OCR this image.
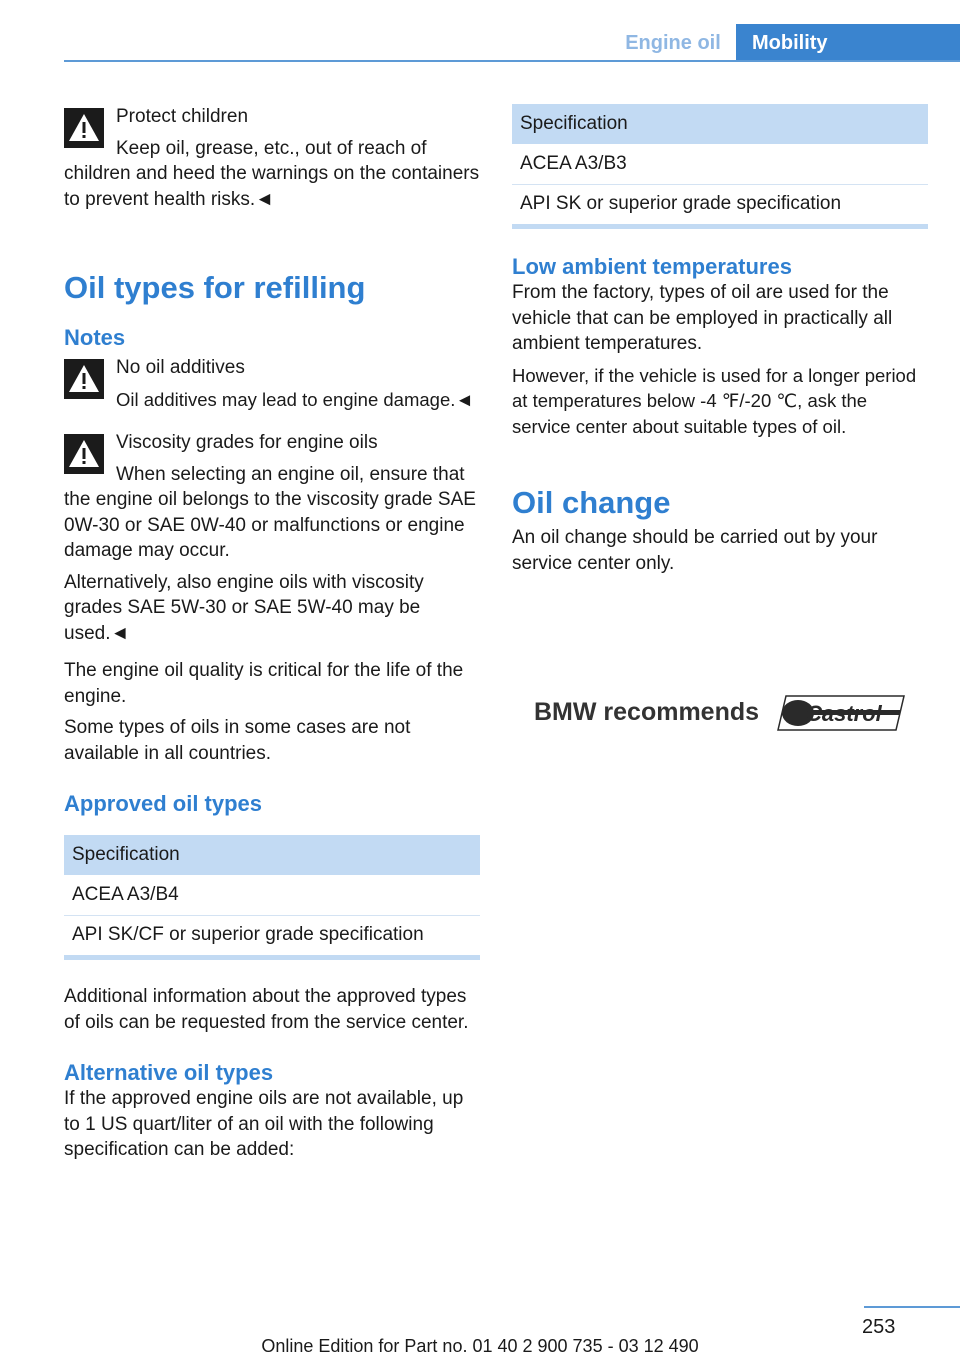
Engine oil	Mobility

Protect children

Keep oil, grease, etc., out of reach of children and heed the warnings on the containers to prevent health risks.◄

Oil types for refilling
Notes

No oil additives

Oil additives may lead to engine damage.◄

Viscosity grades for engine oils

When selecting an engine oil, ensure that the engine oil belongs to the viscosity grade SAE 0W-30 or SAE 0W-40 or malfunctions or engine damage may occur.

Alternatively, also engine oils with viscosity grades SAE 5W-30 or SAE 5W-40 may be used.◄

The engine oil quality is critical for the life of the engine.

Some types of oils in some cases are not available in all countries.

Approved oil types
Specification
ACEA A3/B4
API SK/CF or superior grade specification

Additional information about the approved types of oils can be requested from the service center.

Alternative oil types

If the approved engine oils are not available, up to 1 US quart/liter of an oil with the following specification can be added:

Specification
ACEA A3/B3
API SK or superior grade specification
Low ambient temperatures

From the factory, types of oil are used for the vehicle that can be employed in practically all ambient temperatures.

However, if the vehicle is used for a longer period at temperatures below -4 ℉/-20 ℃, ask the service center about suitable types of oil.

Oil change

An oil change should be carried out by your service center only.

BMW recommends Castrol
253
Online Edition for Part no. 01 40 2 900 735 - 03 12 490
